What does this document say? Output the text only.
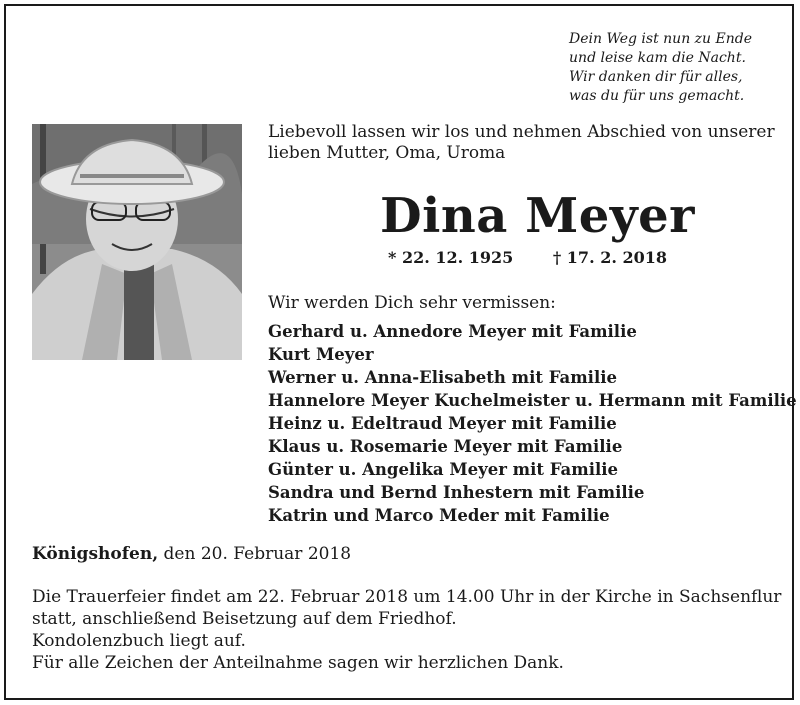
Dein Weg ist nun zu Ende
und leise kam die Nacht.
Wir danken dir für alles,
was du für uns gemacht.
Liebevoll lassen wir los und nehmen Abschied von unserer
lieben Mutter, Oma, Uroma
Dina Meyer
* 22. 12. 1925 † 17. 2. 2018
Wir werden Dich sehr vermissen:
Gerhard u. Annedore Meyer mit Familie
Kurt Meyer
Werner u. Anna-Elisabeth mit Familie
Hannelore Meyer Kuchelmeister u. Hermann mit Familie
Heinz u. Edeltraud Meyer mit Familie
Klaus u. Rosemarie Meyer mit Familie
Günter u. Angelika Meyer mit Familie
Sandra und Bernd Inhestern mit Familie
Katrin und Marco Meder mit Familie
Königshofen, den 20. Februar 2018
Die Trauerfeier findet am 22. Februar 2018 um 14.00 Uhr in der Kirche in Sachsenflur
statt, anschließend Beisetzung auf dem Friedhof.
Kondolenzbuch liegt auf.
Für alle Zeichen der Anteilnahme sagen wir herzlichen Dank.
